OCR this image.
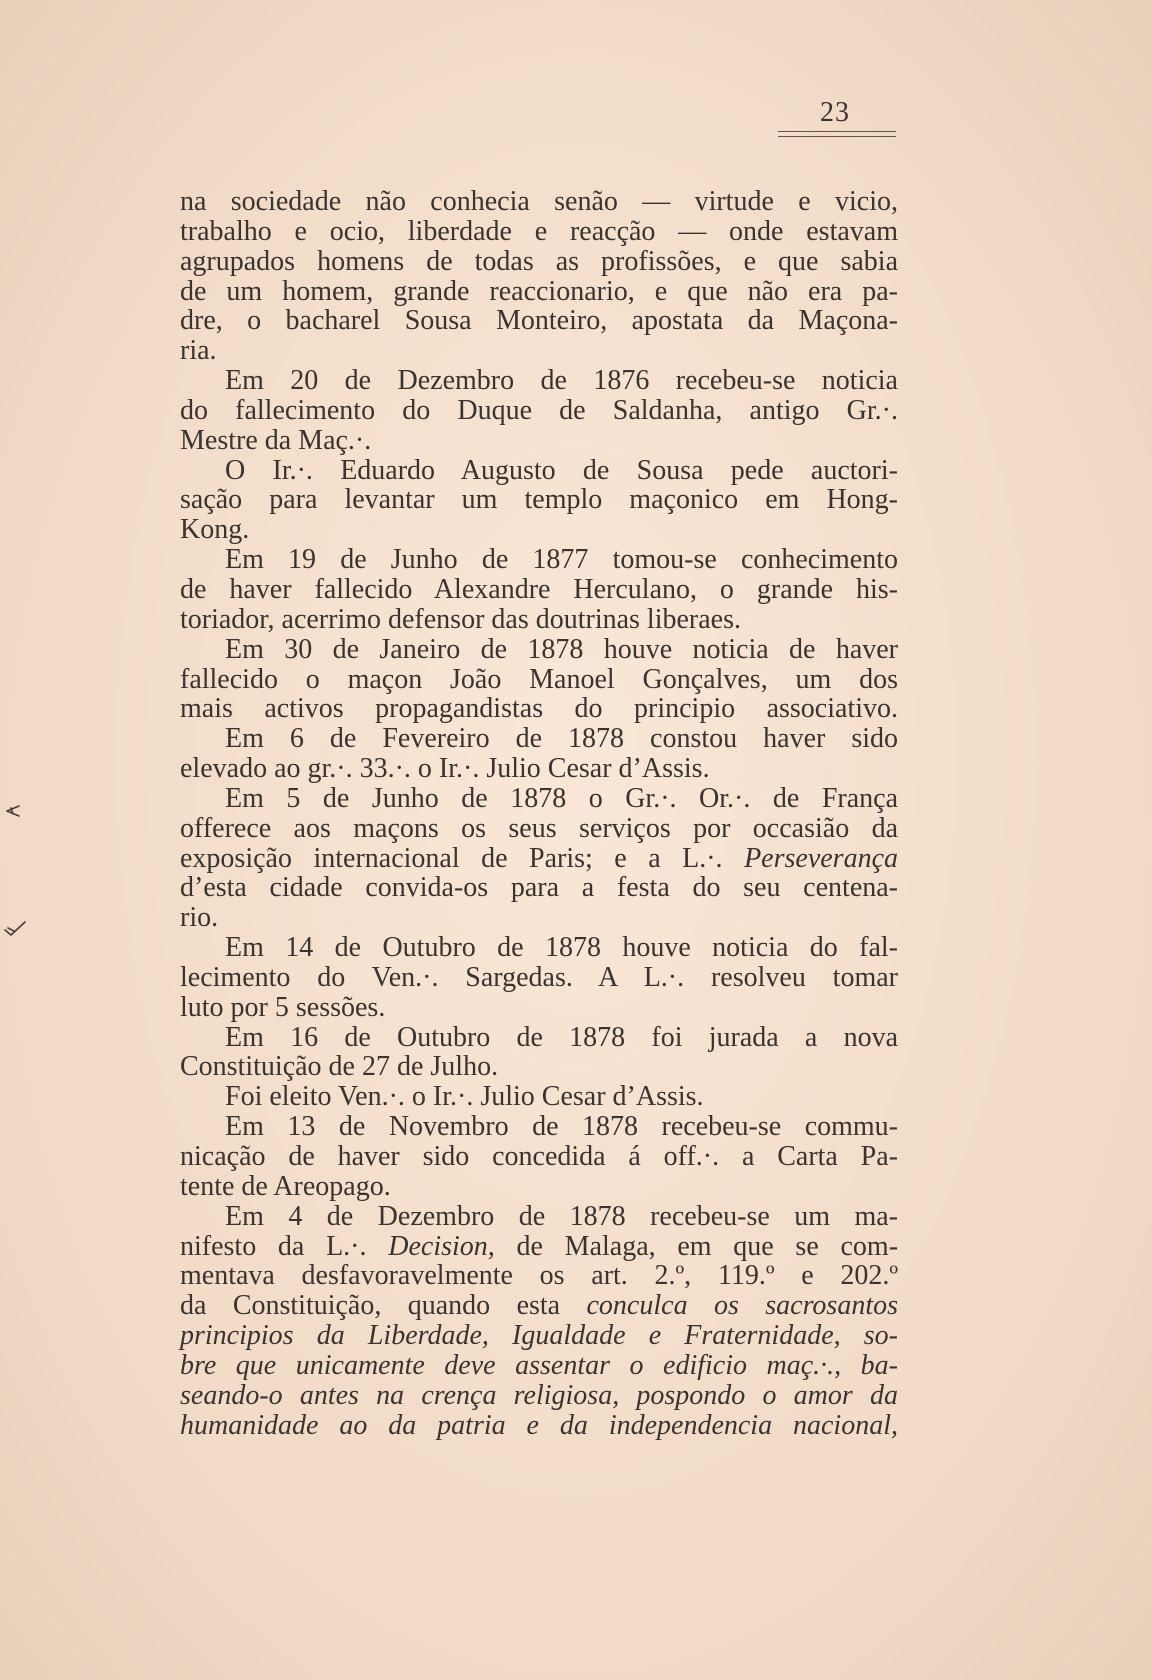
23
na sociedade não conhecia senão — virtude e vicio,
trabalho e ocio, liberdade e reacção — onde estavam
agrupados homens de todas as profissões, e que sabia
de um homem, grande reaccionario, e que não era pa-
dre, o bacharel Sousa Monteiro, apostata da Maçona-
ria.
Em 20 de Dezembro de 1876 recebeu-se noticia
do fallecimento do Duque de Saldanha, antigo Gr.·.
Mestre da Maç.·.
O Ir.·. Eduardo Augusto de Sousa pede auctori-
sação para levantar um templo maçonico em Hong-
Kong.
Em 19 de Junho de 1877 tomou-se conhecimento
de haver fallecido Alexandre Herculano, o grande his-
toriador, acerrimo defensor das doutrinas liberaes.
Em 30 de Janeiro de 1878 houve noticia de haver
fallecido o maçon João Manoel Gonçalves, um dos
mais activos propagandistas do principio associativo.
Em 6 de Fevereiro de 1878 constou haver sido
elevado ao gr.·. 33.·. o Ir.·. Julio Cesar d’Assis.
Em 5 de Junho de 1878 o Gr.·. Or.·. de França
offerece aos maçons os seus serviços por occasião da
exposição internacional de Paris; e a L.·. Perseverança
d’esta cidade convida-os para a festa do seu centena-
rio.
Em 14 de Outubro de 1878 houve noticia do fal-
lecimento do Ven.·. Sargedas. A L.·. resolveu tomar
luto por 5 sessões.
Em 16 de Outubro de 1878 foi jurada a nova
Constituição de 27 de Julho.
Foi eleito Ven.·. o Ir.·. Julio Cesar d’Assis.
Em 13 de Novembro de 1878 recebeu-se commu-
nicação de haver sido concedida á off.·. a Carta Pa-
tente de Areopago.
Em 4 de Dezembro de 1878 recebeu-se um ma-
nifesto da L.·. Decision, de Malaga, em que se com-
mentava desfavoravelmente os art. 2.º, 119.º e 202.º
da Constituição, quando esta conculca os sacrosantos
principios da Liberdade, Igualdade e Fraternidade, so-
bre que unicamente deve assentar o edificio maç.·., ba-
seando-o antes na crença religiosa, pospondo o amor da
humanidade ao da patria e da independencia nacional,
